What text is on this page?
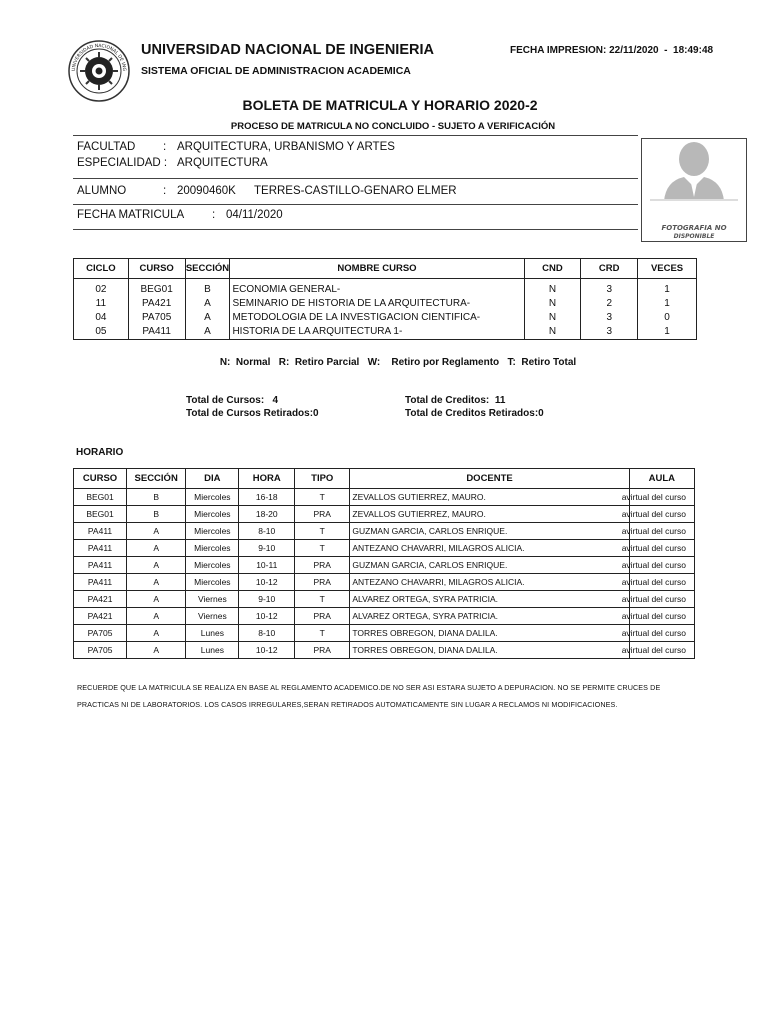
UNIVERSIDAD NACIONAL DE ING
UNIVERSIDAD NACIONAL DE INGENIERIA
SISTEMA OFICIAL DE ADMINISTRACION ACADEMICA
FECHA IMPRESION: 22/11/2020  -  18:49:48
BOLETA DE MATRICULA Y HORARIO 2020-2
PROCESO DE MATRICULA NO CONCLUIDO - SUJETO A VERIFICACIÓN
FACULTAD : ARQUITECTURA, URBANISMO Y ARTES
ESPECIALIDAD : ARQUITECTURA
ALUMNO	: 20090460K TERRES-CASTILLO-GENARO ELMER
FECHA MATRICULA : 04/11/2020
FOTOGRAFIA NO
DISPONIBLE
CICLO	CURSO	SECCIÓN	NOMBRE CURSO	CND	CRD	VECES
02	BEG01	B	ECONOMIA GENERAL-	N	3	1
11	PA421	A	SEMINARIO DE HISTORIA DE LA ARQUITECTURA-	N	2	1
04	PA705	A	METODOLOGIA DE LA INVESTIGACION CIENTIFICA-	N	3	0
05	PA411	A	HISTORIA DE LA ARQUITECTURA 1-	N	3	1
N:  Normal   R:  Retiro Parcial   W:    Retiro por Reglamento   T:  Retiro Total
Total de Cursos:   4
Total de Cursos Retirados:0
Total de Creditos:  11
Total de Creditos Retirados:0
HORARIO
CURSO	SECCIÓN	DIA	HORA	TIPO	DOCENTE	AULA
BEG01	B	Miercoles	16-18	T	ZEVALLOS GUTIERREZ, MAURO.	avirtual del curso
BEG01	B	Miercoles	18-20	PRA	ZEVALLOS GUTIERREZ, MAURO.	avirtual del curso
PA411	A	Miercoles	8-10	T	GUZMAN GARCIA, CARLOS ENRIQUE.	avirtual del curso
PA411	A	Miercoles	9-10	T	ANTEZANO CHAVARRI, MILAGROS ALICIA.	avirtual del curso
PA411	A	Miercoles	10-11	PRA	GUZMAN GARCIA, CARLOS ENRIQUE.	avirtual del curso
PA411	A	Miercoles	10-12	PRA	ANTEZANO CHAVARRI, MILAGROS ALICIA.	avirtual del curso
PA421	A	Viernes	9-10	T	ALVAREZ ORTEGA, SYRA PATRICIA.	avirtual del curso
PA421	A	Viernes	10-12	PRA	ALVAREZ ORTEGA, SYRA PATRICIA.	avirtual del curso
PA705	A	Lunes	8-10	T	TORRES OBREGON, DIANA DALILA.	avirtual del curso
PA705	A	Lunes	10-12	PRA	TORRES OBREGON, DIANA DALILA.	avirtual del curso
RECUERDE QUE LA MATRICULA SE REALIZA EN BASE AL REGLAMENTO ACADEMICO.DE NO SER ASI ESTARA SUJETO A DEPURACION. NO SE PERMITE CRUCES DE
PRACTICAS NI DE LABORATORIOS. LOS CASOS IRREGULARES,SERAN RETIRADOS AUTOMATICAMENTE SIN LUGAR A RECLAMOS NI MODIFICACIONES.
